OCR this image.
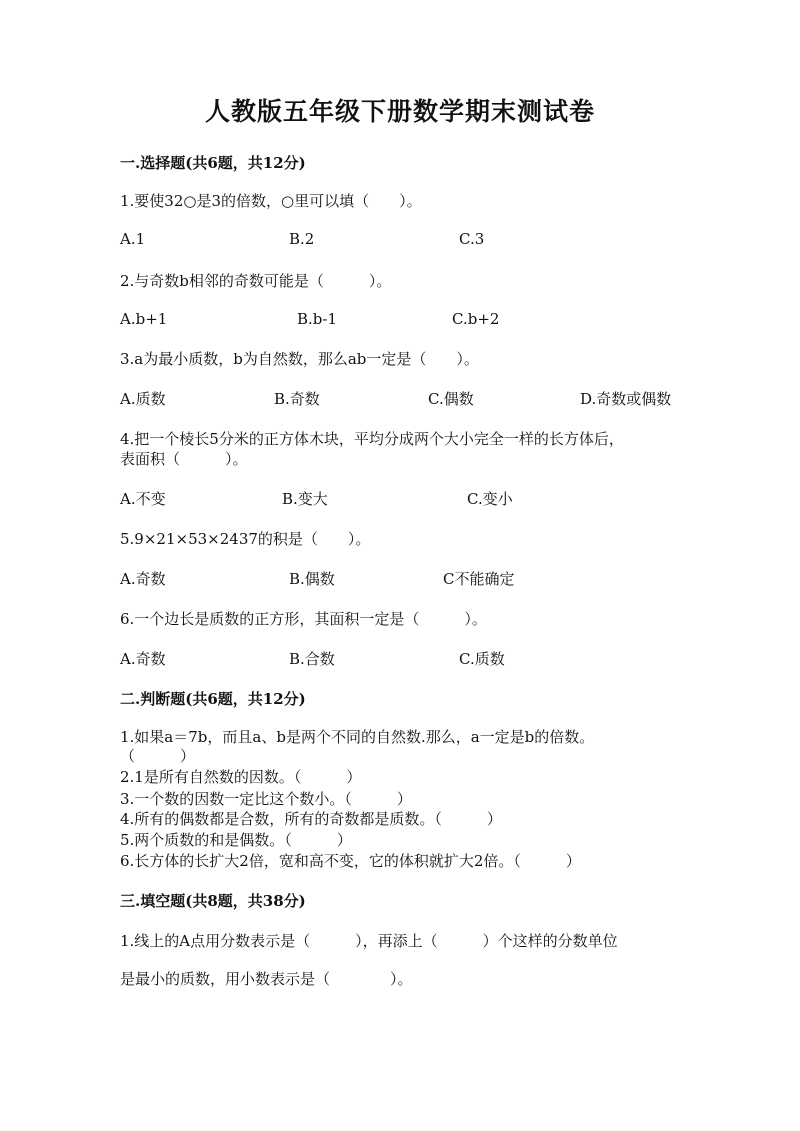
人教版五年级下册数学期末测试卷
一.选择题(共6题，共12分)
1.要使32○是3的倍数，○里可以填（　　）。
A.1	B.2	C.3
2.与奇数b相邻的奇数可能是（　　　）。
A.b+1	B.b-1	C.b+2
3.a为最小质数，b为自然数，那么ab一定是（　　）。
A.质数	B.奇数	C.偶数	D.奇数或偶数
4.把一个棱长5分米的正方体木块，平均分成两个大小完全一样的长方体后，
表面积（　　　）。
A.不变	B.变大	C.变小
5.9×21×53×2437的积是（　　）。
A.奇数	B.偶数	C不能确定
6.一个边长是质数的正方形，其面积一定是（　　　）。
A.奇数	B.合数	C.质数
二.判断题(共6题，共12分)
1.如果a＝7b，而且a、b是两个不同的自然数.那么，a一定是b的倍数。
（　　　）
2.1是所有自然数的因数。（　　　）
3.一个数的因数一定比这个数小。（　　　）
4.所有的偶数都是合数，所有的奇数都是质数。（　　　）
5.两个质数的和是偶数。（　　　）
6.长方体的长扩大2倍，宽和高不变，它的体积就扩大2倍。（　　　）
三.填空题(共8题，共38分)
1.线上的A点用分数表示是（　　　），再添上（　　　）个这样的分数单位
是最小的质数，用小数表示是（　　　　）。
